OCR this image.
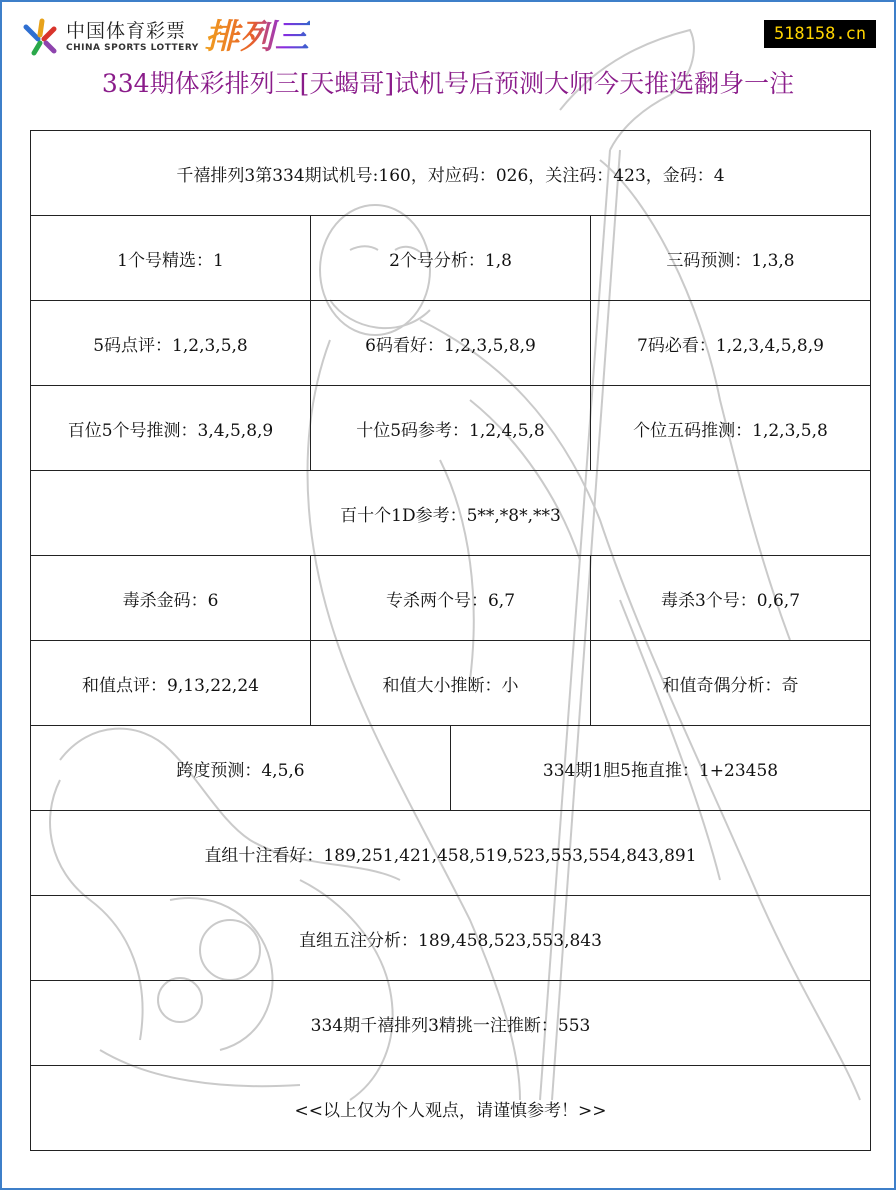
中国体育彩票
CHINA SPORTS LOTTERY 排列三	518158.cn
334期体彩排列三[天蝎哥]试机号后预测大师今天推选翻身一注
千禧排列3第334期试机号:160，对应码：026，关注码：423，金码：4
1个号精选：1	2个号分析：1,8	三码预测：1,3,8
5码点评：1,2,3,5,8	6码看好：1,2,3,5,8,9	7码必看：1,2,3,4,5,8,9
百位5个号推测：3,4,5,8,9	十位5码参考：1,2,4,5,8	个位五码推测：1,2,3,5,8
百十个1D参考：5**,*8*,**3
毒杀金码：6	专杀两个号：6,7	毒杀3个号：0,6,7
和值点评：9,13,22,24	和值大小推断：小	和值奇偶分析：奇
跨度预测：4,5,6	334期1胆5拖直推：1+23458
直组十注看好：189,251,421,458,519,523,553,554,843,891
直组五注分析：189,458,523,553,843
334期千禧排列3精挑一注推断：553
<<以上仅为个人观点，请谨慎参考！>>
